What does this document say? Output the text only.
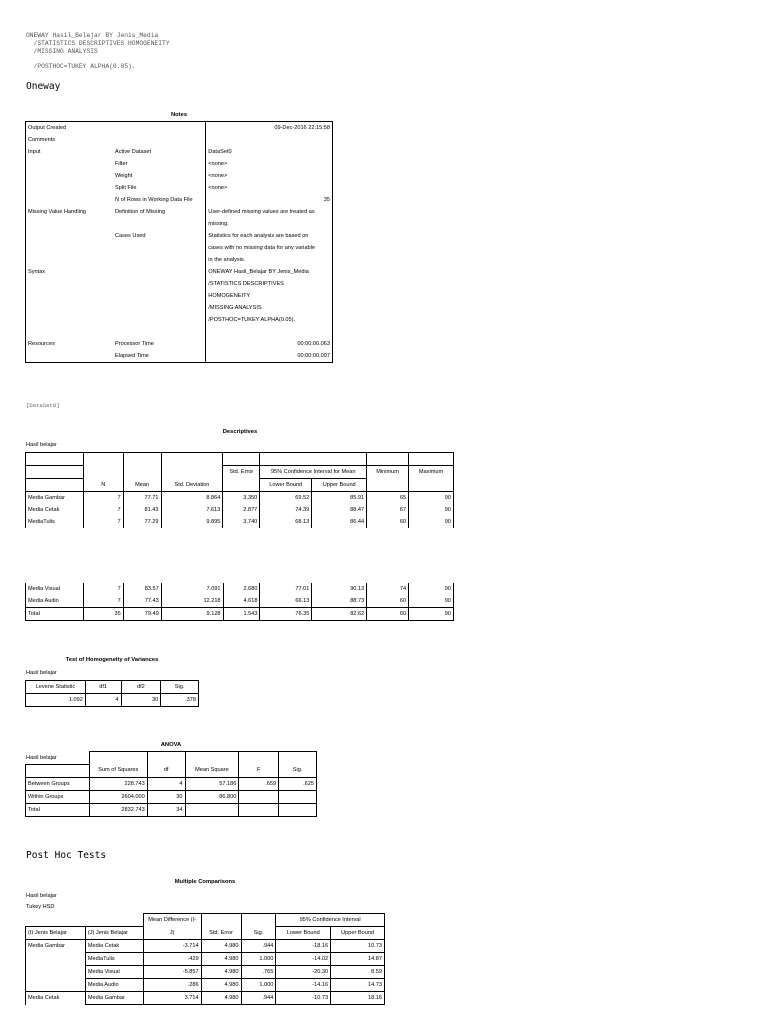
ONEWAY Hasil_Belajar BY Jenis_Media
/STATISTICS DESCRIPTIVES HOMOGENEITY
/MISSING ANALYSIS

/POSTHOC=TUKEY ALPHA(0.05).
Oneway
Notes
Output Created		09-Dec-2016 22:15:58
Comments		
Input	Active Dataset	DataSet0
	Filter	<none>
	Weight	<none>
	Split File	<none>
	N of Rows in Working Data File	35
Missing Value Handling	Definition of Missing	User-defined missing values are treated as
		missing.
	Cases Used	Statistics for each analysis are based on
		cases with no missing data for any variable
		in the analysis.
Syntax		ONEWAY Hasil_Belajar BY Jenis_Media
		/STATISTICS DESCRIPTIVES
		HOMOGENEITY
		/MISSING ANALYSIS
		/POSTHOC=TUKEY ALPHA(0.05).

Resources	Processor Time	00:00:00.063
	Elapsed Time	00:00:00.097
[DataSet0]
Descriptives
Hasil belajar

				Std. Error	95% Confidence Interval for Mean		Minimum	Maximum
	N	Mean	Std. Deviation		Lower Bound	Upper Bound		
Media Gambar	7	77.71	8.864	3.350	69.52	85.91	65	90
Media Cetak	7	81.43	7.613	2.877	74.39	88.47	67	90
MediaTulis	7	77.29	9.895	3.740	68.13	86.44	60	90
Media Visual	7	83.57	7.091	2.680	77.01	90.13	74	90
Media Audio	7	77.43	12.218	4.618	66.13	88.73	60	90
Total	35	79.49	9.128	1.543	76.35	82.62	60	90
Test of Homogeneity of Variances
Hasil belajar
Levene Statistic	df1	df2	Sig.
1.092	4	30	.378
ANOVA
Hasil belajar

	Sum of Squares	df	Mean Square	F	Sig.
Between Groups	228.743	4	57.186	.659	.625
Within Groups	2604.000	30	86.800		
Total	2832.743	34			
Post Hoc Tests
Multiple Comparisons
Hasil belajar
Tukey HSD
		Mean Difference (I-			95% Confidence Interval	
(I) Jenis Belajar	(J) Jenis Belajar	J)	Std. Error	Sig.	Lower Bound	Upper Bound
Media Gambar	Media Cetak	-3.714	4.980	.944	-18.16	10.73
	MediaTulis	.429	4.980	1.000	-14.02	14.87
	Media Visual	-5.857	4.980	.765	-20.30	8.59
	Media Audio	.286	4.980	1.000	-14.16	14.73
Media Cetak	Media Gambar	3.714	4.980	.944	-10.73	18.16
